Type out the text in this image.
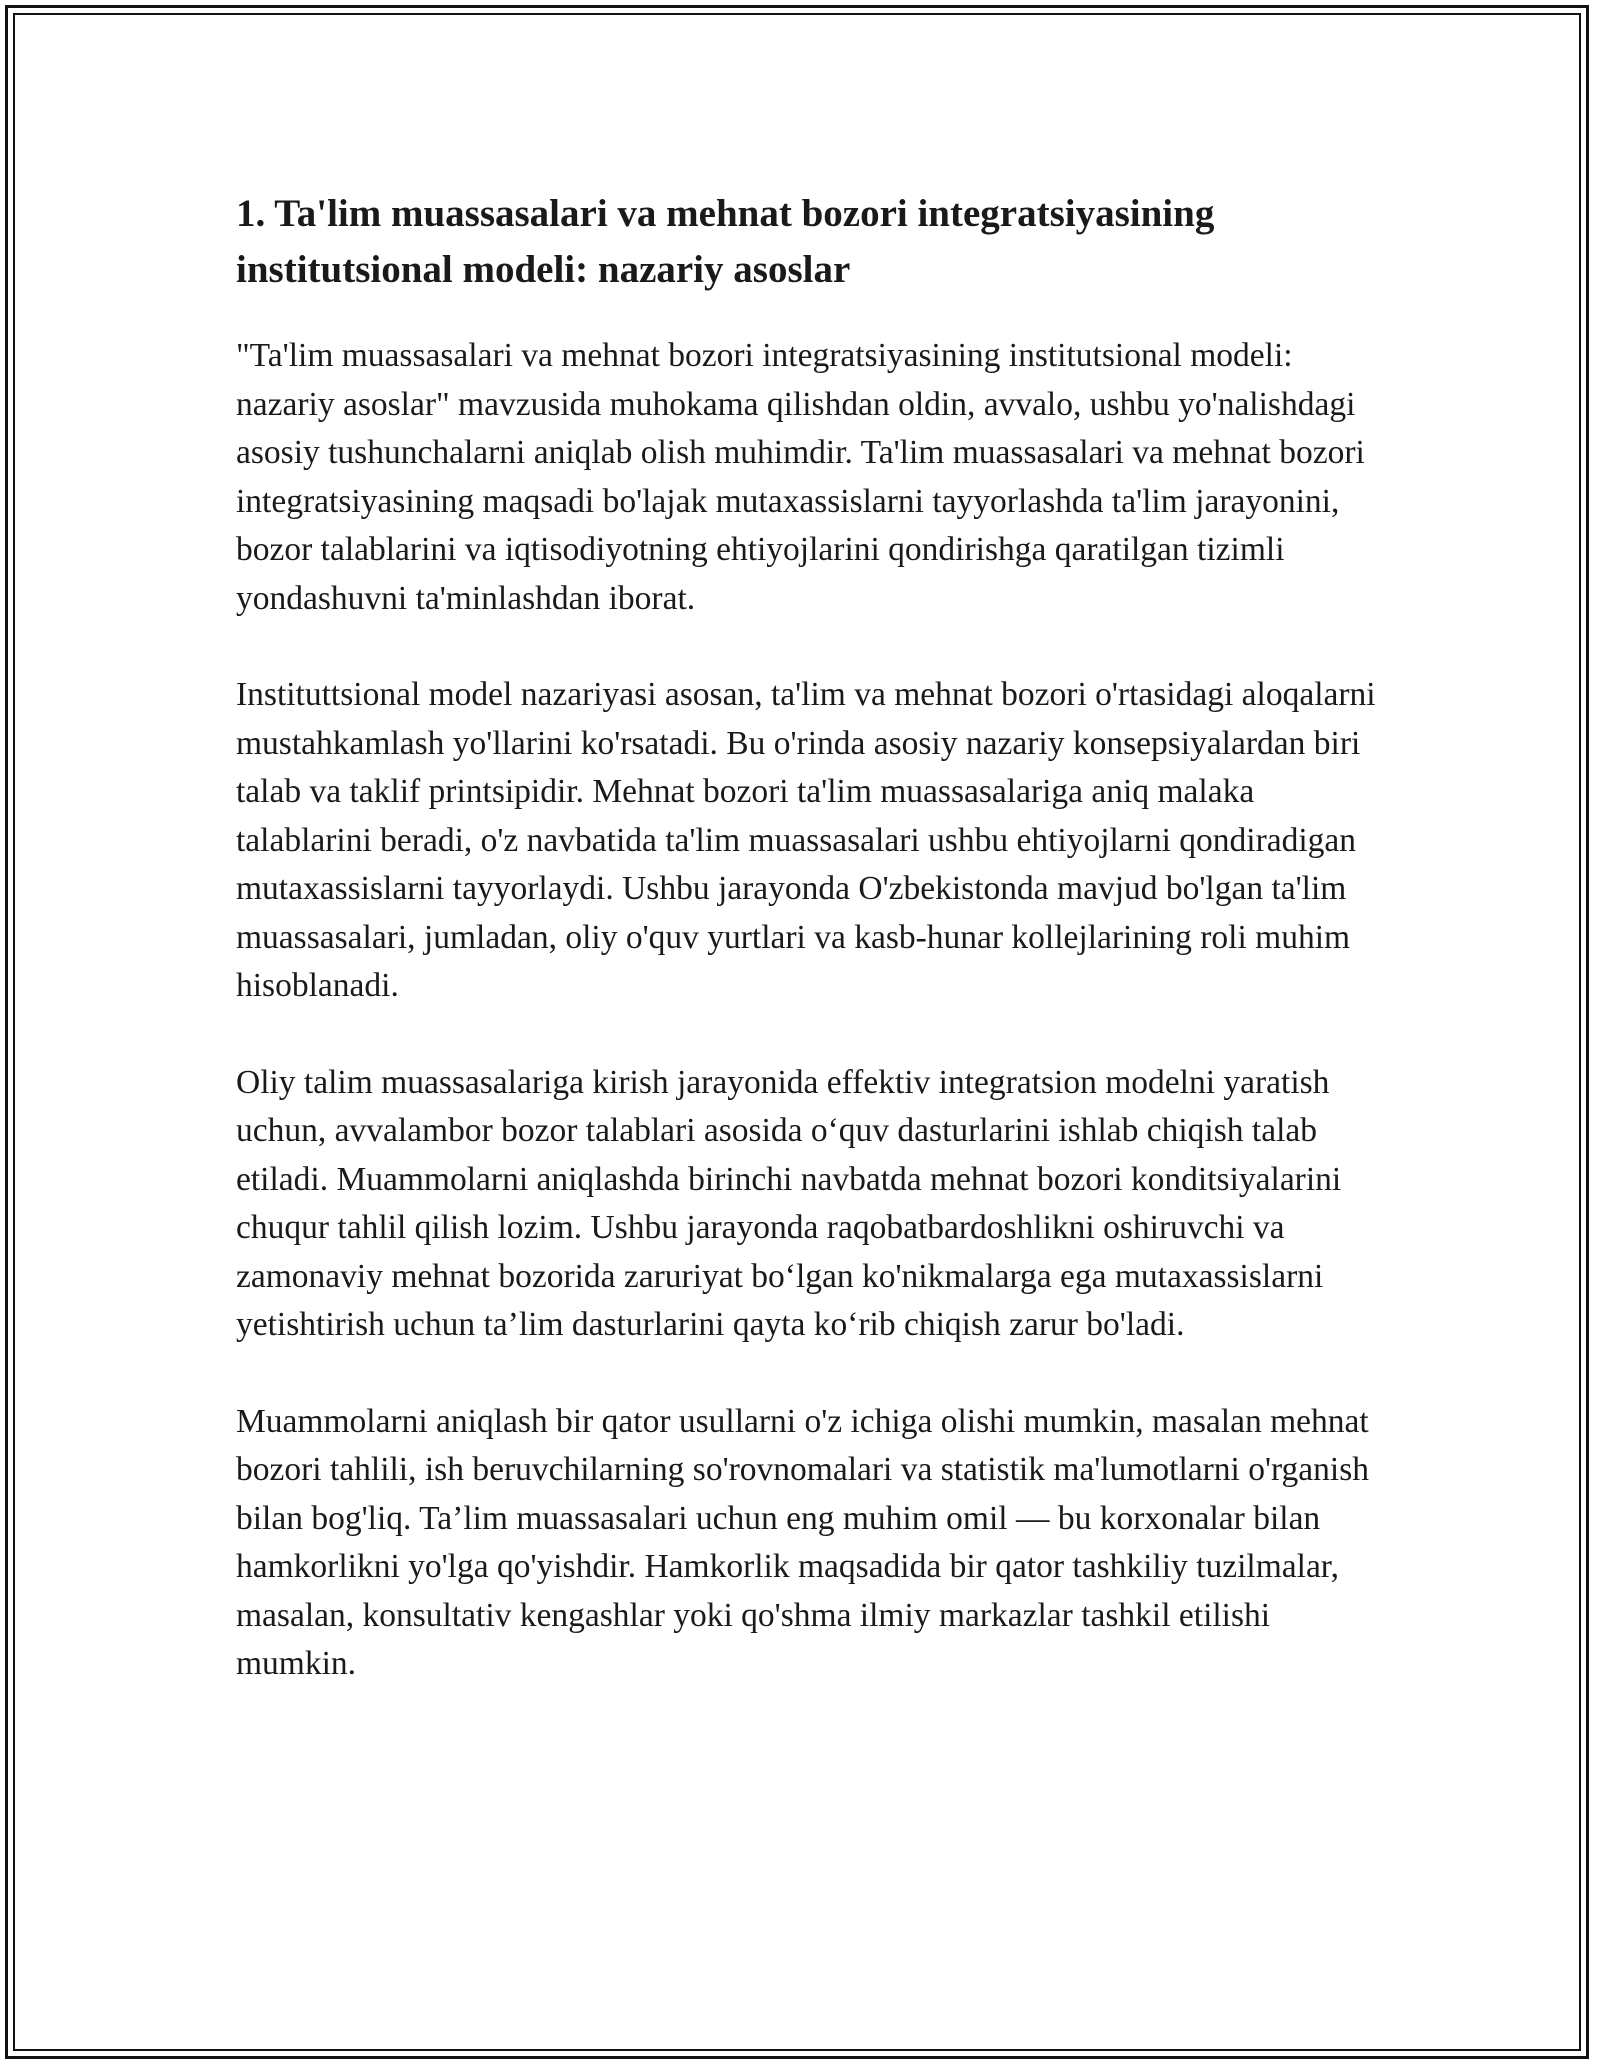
1. Ta'lim muassasalari va mehnat bozori integratsiyasining institutsional modeli: nazariy asoslar

"Ta'lim muassasalari va mehnat bozori integratsiyasining institutsional modeli: nazariy asoslar" mavzusida muhokama qilishdan oldin, avvalo, ushbu yo'nalishdagi asosiy tushunchalarni aniqlab olish muhimdir. Ta'lim muassasalari va mehnat bozori integratsiyasining maqsadi bo'lajak mutaxassislarni tayyorlashda ta'lim jarayonini, bozor talablarini va iqtisodiyotning ehtiyojlarini qondirishga qaratilgan tizimli yondashuvni ta'minlashdan iborat.

Instituttsional model nazariyasi asosan, ta'lim va mehnat bozori o'rtasidagi aloqalarni mustahkamlash yo'llarini ko'rsatadi. Bu o'rinda asosiy nazariy konsepsiyalardan biri talab va taklif printsipidir. Mehnat bozori ta'lim muassasalariga aniq malaka talablarini beradi, o'z navbatida ta'lim muassasalari ushbu ehtiyojlarni qondiradigan mutaxassislarni tayyorlaydi. Ushbu jarayonda O'zbekistonda mavjud bo'lgan ta'lim muassasalari, jumladan, oliy o'quv yurtlari va kasb-hunar kollejlarining roli muhim hisoblanadi.

Oliy talim muassasalariga kirish jarayonida effektiv integratsion modelni yaratish uchun, avvalambor bozor talablari asosida o‘quv dasturlarini ishlab chiqish talab etiladi. Muammolarni aniqlashda birinchi navbatda mehnat bozori konditsiyalarini chuqur tahlil qilish lozim. Ushbu jarayonda raqobatbardoshlikni oshiruvchi va zamonaviy mehnat bozorida zaruriyat bo‘lgan ko'nikmalarga ega mutaxassislarni yetishtirish uchun ta’lim dasturlarini qayta ko‘rib chiqish zarur bo'ladi.

Muammolarni aniqlash bir qator usullarni o'z ichiga olishi mumkin, masalan mehnat bozori tahlili, ish beruvchilarning so'rovnomalari va statistik ma'lumotlarni o'rganish bilan bog'liq. Ta’lim muassasalari uchun eng muhim omil — bu korxonalar bilan hamkorlikni yo'lga qo'yishdir. Hamkorlik maqsadida bir qator tashkiliy tuzilmalar, masalan, konsultativ kengashlar yoki qo'shma ilmiy markazlar tashkil etilishi mumkin.
